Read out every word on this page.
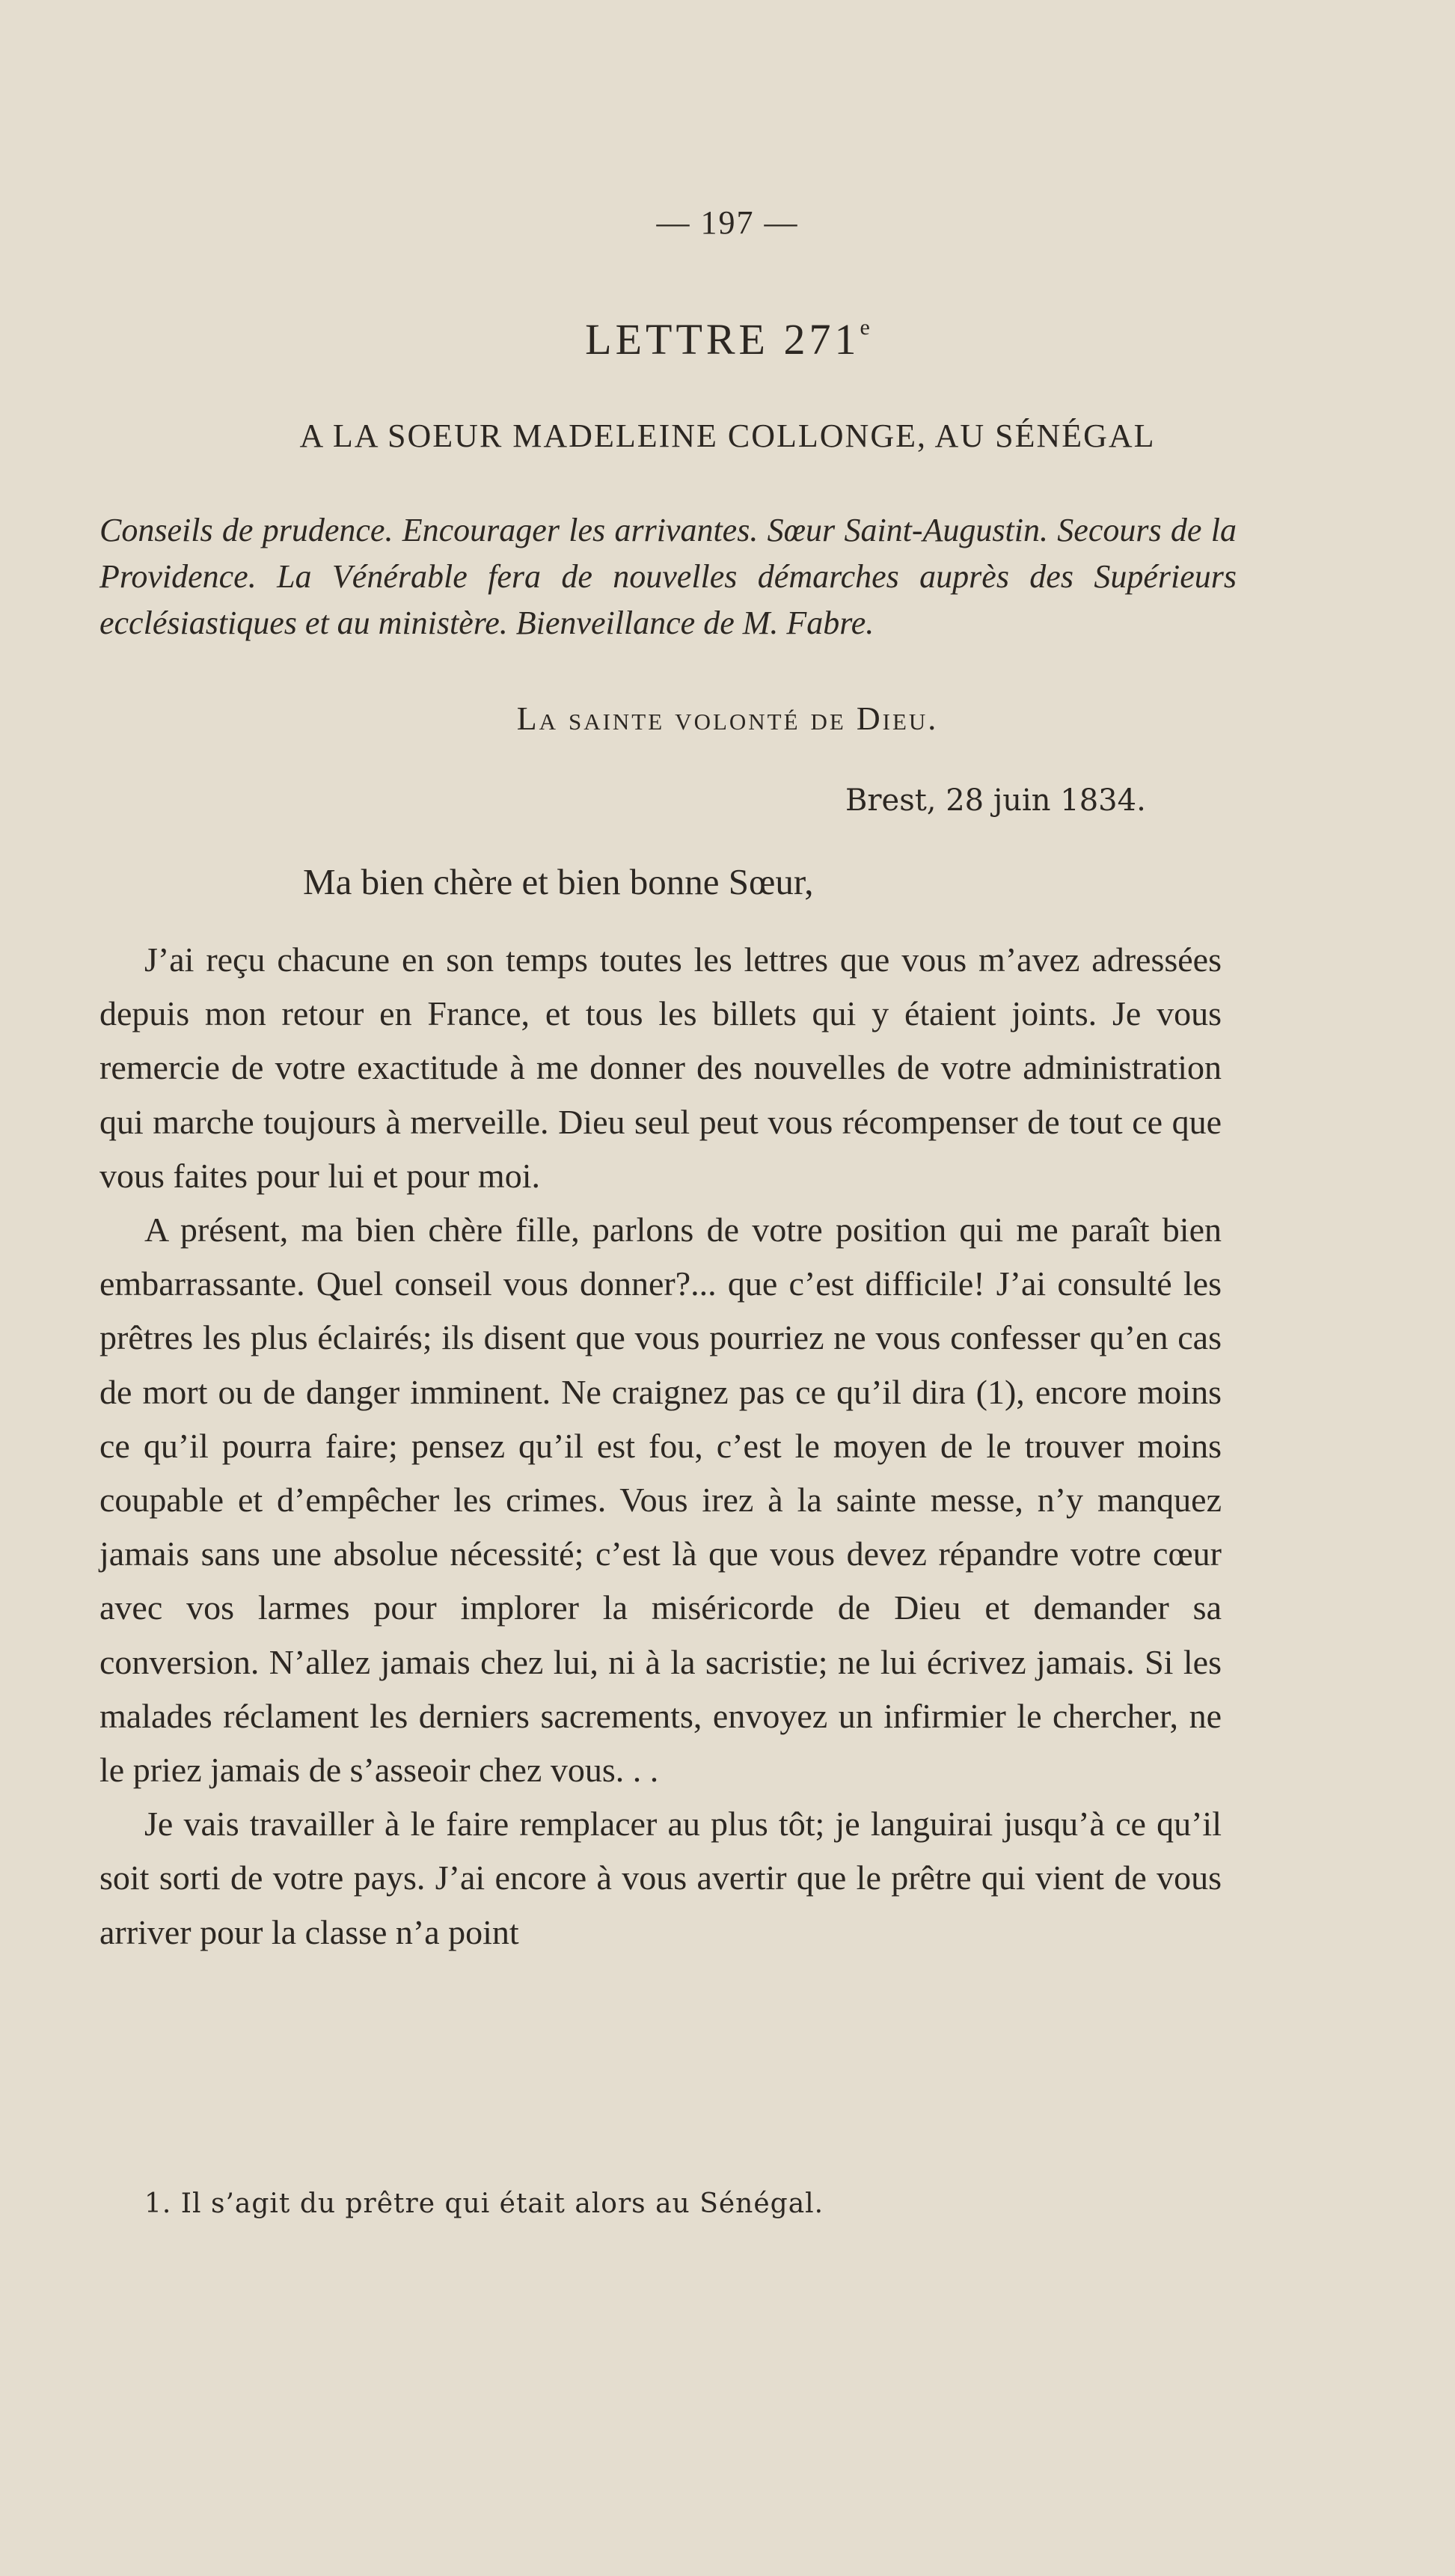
— 197 —
LETTRE 271e
A LA SOEUR MADELEINE COLLONGE, AU SÉNÉGAL
Conseils de prudence. Encourager les arrivantes. Sœur Saint-Augustin. Secours de la Providence. La Vénérable fera de nouvelles démarches auprès des Supérieurs ecclésiastiques et au ministère. Bienveillance de M. Fabre.
La sainte volonté de Dieu.
Brest, 28 juin 1834.
Ma bien chère et bien bonne Sœur,

J’ai reçu chacune en son temps toutes les lettres que vous m’avez adressées depuis mon retour en France, et tous les billets qui y étaient joints. Je vous remercie de votre exactitude à me donner des nouvelles de votre administration qui marche toujours à merveille. Dieu seul peut vous récompenser de tout ce que vous faites pour lui et pour moi.

A présent, ma bien chère fille, parlons de votre position qui me paraît bien embarrassante. Quel conseil vous donner?... que c’est difficile! J’ai consulté les prêtres les plus éclairés; ils disent que vous pourriez ne vous confesser qu’en cas de mort ou de danger imminent. Ne craignez pas ce qu’il dira (1), encore moins ce qu’il pourra faire; pensez qu’il est fou, c’est le moyen de le trouver moins coupable et d’empêcher les crimes. Vous irez à la sainte messe, n’y manquez jamais sans une absolue nécessité; c’est là que vous devez répandre votre cœur avec vos larmes pour implorer la miséricorde de Dieu et demander sa conversion. N’allez jamais chez lui, ni à la sacristie; ne lui écrivez jamais. Si les malades réclament les derniers sacrements, envoyez un infirmier le chercher, ne le priez jamais de s’asseoir chez vous. . .

Je vais travailler à le faire remplacer au plus tôt; je languirai jusqu’à ce qu’il soit sorti de votre pays. J’ai encore à vous avertir que le prêtre qui vient de vous arriver pour la classe n’a point

1. Il s’agit du prêtre qui était alors au Sénégal.
